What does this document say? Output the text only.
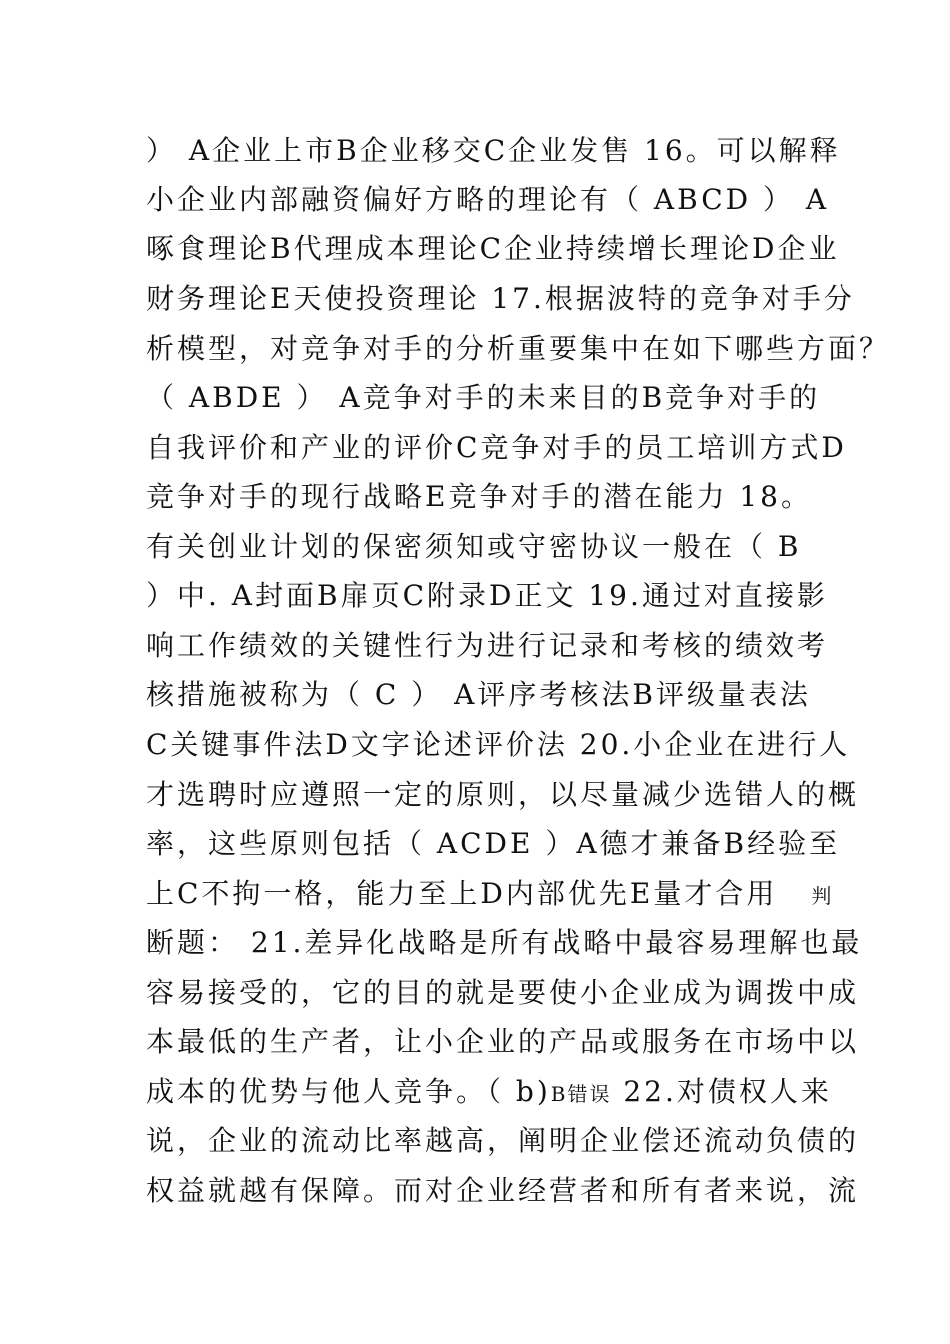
） A企业上市B企业移交C企业发售 16。可以解释
小企业内部融资偏好方略的理论有（ ABCD ） A
啄食理论B代理成本理论C企业持续增长理论D企业
财务理论E天使投资理论 17.根据波特的竞争对手分
析模型，对竞争对手的分析重要集中在如下哪些方面？
（ ABDE ） A竞争对手的未来目的B竞争对手的
自我评价和产业的评价C竞争对手的员工培训方式D
竞争对手的现行战略E竞争对手的潜在能力 18。
有关创业计划的保密须知或守密协议一般在（ B
）中. A封面B扉页C附录D正文 19.通过对直接影
响工作绩效的关键性行为进行记录和考核的绩效考
核措施被称为（ C ） A评序考核法B评级量表法
C关键事件法D文字论述评价法 20.小企业在进行人
才选聘时应遵照一定的原则，以尽量减少选错人的概
率，这些原则包括（ ACDE ）A德才兼备B经验至
上C不拘一格，能力至上D内部优先E量才合用 判
断题： 21.差异化战略是所有战略中最容易理解也最
容易接受的，它的目的就是要使小企业成为调拨中成
本最低的生产者，让小企业的产品或服务在市场中以
成本的优势与他人竞争。（ b)B错误 22.对债权人来
说，企业的流动比率越高，阐明企业偿还流动负债的
权益就越有保障。而对企业经营者和所有者来说，流
